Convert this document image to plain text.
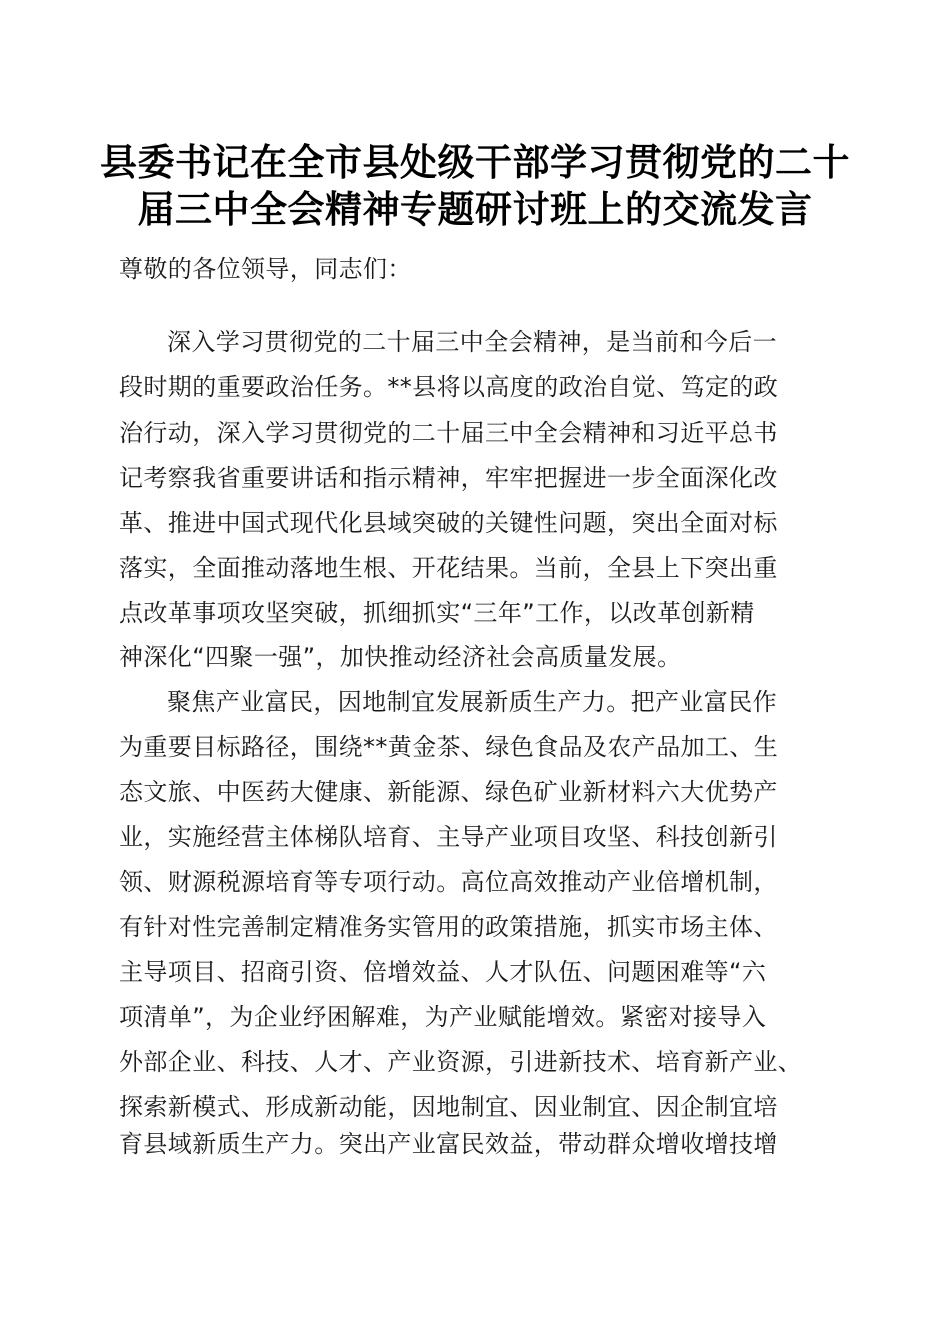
县委书记在全市县处级干部学习贯彻党的二十
届三中全会精神专题研讨班上的交流发言
尊敬的各位领导，同志们：
深入学习贯彻党的二十届三中全会精神，是当前和今后一
段时期的重要政治任务。**县将以高度的政治自觉、笃定的政
治行动，深入学习贯彻党的二十届三中全会精神和习近平总书
记考察我省重要讲话和指示精神，牢牢把握进一步全面深化改
革、推进中国式现代化县域突破的关键性问题，突出全面对标
落实，全面推动落地生根、开花结果。当前，全县上下突出重
点改革事项攻坚突破，抓细抓实“三年”工作，以改革创新精
神深化“四聚一强”，加快推动经济社会高质量发展。
聚焦产业富民，因地制宜发展新质生产力。把产业富民作
为重要目标路径，围绕**黄金茶、绿色食品及农产品加工、生
态文旅、中医药大健康、新能源、绿色矿业新材料六大优势产
业，实施经营主体梯队培育、主导产业项目攻坚、科技创新引
领、财源税源培育等专项行动。高位高效推动产业倍增机制，
有针对性完善制定精准务实管用的政策措施，抓实市场主体、
主导项目、招商引资、倍增效益、人才队伍、问题困难等“六
项清单”，为企业纾困解难，为产业赋能增效。紧密对接导入
外部企业、科技、人才、产业资源，引进新技术、培育新产业、
探索新模式、形成新动能，因地制宜、因业制宜、因企制宜培
育县域新质生产力。突出产业富民效益，带动群众增收增技增
